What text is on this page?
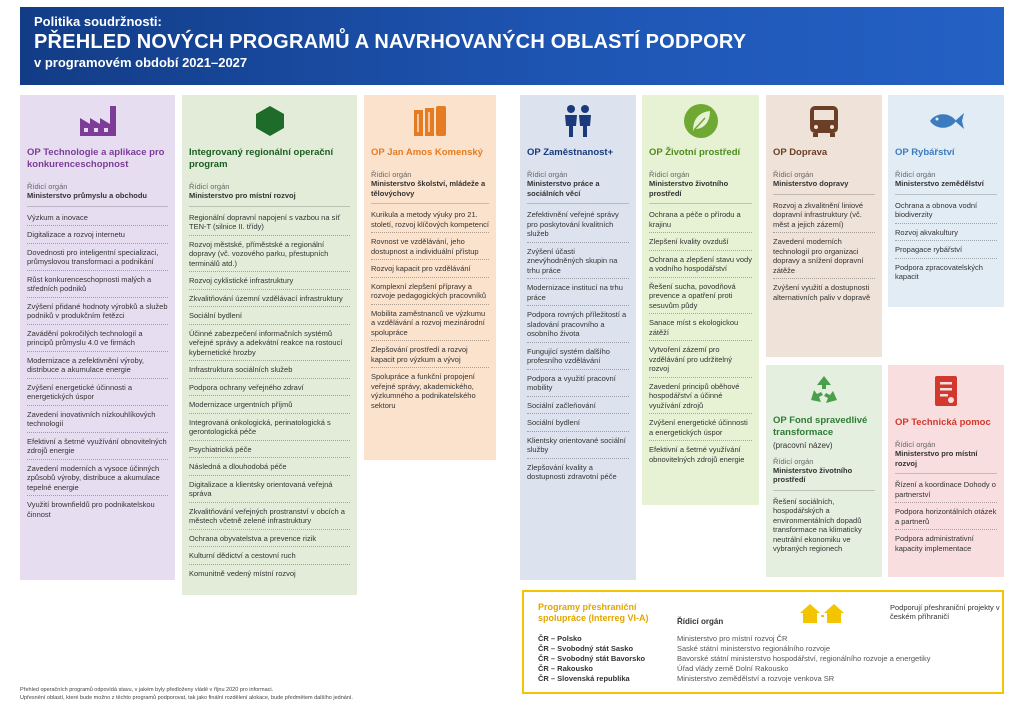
Politika soudržnosti:
PŘEHLED NOVÝCH PROGRAMŮ A NAVRHOVANÝCH OBLASTÍ PODPORY
v programovém období 2021–2027
OP Technologie a aplikace pro konkurenceschopnost
Řídicí orgán
Ministerstvo průmyslu a obchodu
Výzkum a inovace
Digitalizace a rozvoj internetu
Dovednosti pro inteligentní specializaci, průmyslovou transformaci a podnikání
Růst konkurenceschopnosti malých a středních podniků
Zvýšení přidané hodnoty výrobků a služeb podniků v produkčním řetězci
Zavádění pokročilých technologií a principů průmyslu 4.0 ve firmách
Modernizace a zefektivnění výroby, distribuce a akumulace energie
Zvýšení energetické účinnosti a energetických úspor
Zavedení inovativních nízkouhlíkových technologií
Efektivní a šetrné využívání obnovitelných zdrojů energie
Zavedení moderních a vysoce účinných způsobů výroby, distribuce a akumulace tepelné energie
Využití brownfieldů pro podnikatelskou činnost
Integrovaný regionální operační program
Řídicí orgán
Ministerstvo pro místní rozvoj
Regionální dopravní napojení s vazbou na síť TEN-T (silnice II. třídy)
Rozvoj městské, příměstské a regionální dopravy (vč. vozového parku, přestupních terminálů atd.)
Rozvoj cyklistické infrastruktury
Zkvalitňování územní vzdělávací infrastruktury
Sociální bydlení
Účinné zabezpečení informačních systémů veřejné správy a adekvátní reakce na rostoucí kybernetické hrozby
Infrastruktura sociálních služeb
Podpora ochrany veřejného zdraví
Modernizace urgentních příjmů
Integrovaná onkologická, perinatologická s gerontologická péče
Psychiatrická péče
Následná a dlouhodobá péče
Digitalizace a klientsky orientovaná veřejná správa
Zkvalitňování veřejných prostranství v obcích a městech včetně zelené infrastruktury
Ochrana obyvatelstva a prevence rizik
Kulturní dědictví a cestovní ruch
Komunitně vedený místní rozvoj
OP Jan Amos Komenský
Řídicí orgán
Ministerstvo školství, mládeže a tělovýchovy
Kurikula a metody výuky pro 21. století, rozvoj klíčových kompetencí
Rovnost ve vzdělávání, jeho dostupnost a individuální přístup
Rozvoj kapacit pro vzdělávání
Komplexní zlepšení přípravy a rozvoje pedagogických pracovníků
Mobilita zaměstnanců ve výzkumu a vzdělávání a rozvoj mezinárodní spolupráce
Zlepšování prostředí a rozvoj kapacit pro výzkum a vývoj
Spolupráce a funkční propojení veřejné správy, akademického, výzkumného a podnikatelského sektoru
OP Zaměstnanost+
Řídicí orgán
Ministerstvo práce a sociálních věcí
Zefektivnění veřejné správy pro poskytování kvalitních služeb
Zvýšení účasti znevýhodněných skupin na trhu práce
Modernizace institucí na trhu práce
Podpora rovných příležitostí a sladování pracovního a osobního života
Fungující systém dalšího profesního vzdělávání
Podpora a využití pracovní mobility
Sociální začleňování
Sociální bydlení
Klientsky orientované sociální služby
Zlepšování kvality a dostupnosti zdravotní péče
OP Životní prostředí
Řídicí orgán
Ministerstvo životního prostředí
Ochrana a péče o přírodu a krajinu
Zlepšení kvality ovzduší
Ochrana a zlepšení stavu vody a vodního hospodářství
Řešení sucha, povodňová prevence a opatření proti sesuvům půdy
Sanace míst s ekologickou zátěží
Vytvoření zázemí pro vzdělávání pro udržitelný rozvoj
Zavedení principů oběhové hospodářství a účinné využívání zdrojů
Zvýšení energetické účinnosti a energetických úspor
Efektivní a šetrné využívání obnovitelných zdrojů energie
OP Doprava
Řídicí orgán
Ministerstvo dopravy
Rozvoj a zkvalitnění liniové dopravní infrastruktury (vč. měst a jejich zázemí)
Zavedení moderních technologií pro organizaci dopravy a snížení dopravní zátěže
Zvýšení využití a dostupnosti alternativních paliv v dopravě
OP Rybářství
Řídicí orgán
Ministerstvo zemědělství
Ochrana a obnova vodní biodiverzity
Rozvoj akvakultury
Propagace rybářství
Podpora zpracovatelských kapacit
OP Fond spravedlivé transformace
(pracovní název)
Řídicí orgán
Ministerstvo životního prostředí
Řešení sociálních, hospodářských a environmentálních dopadů transformace na klimaticky neutrální ekonomiku ve vybraných regionech
OP Technická pomoc
Řídicí orgán
Ministerstvo pro místní rozvoj
Řízení a koordinace Dohody o partnerství
Podpora horizontálních otázek a partnerů
Podpora administrativní kapacity implementace
Programy přeshraniční spolupráce (Interreg VI-A)	Řídicí orgán
Podporují přeshraniční projekty v českém příhraničí
ČR – Polsko	Ministerstvo pro místní rozvoj ČR
ČR – Svobodný stát Sasko	Saské státní ministerstvo regionálního rozvoje
ČR – Svobodný stát Bavorsko	Bavorské státní ministerstvo hospodářství, regionálního rozvoje a energetiky
ČR – Rakousko	Úřad vlády země Dolní Rakousko
ČR – Slovenská republika	Ministerstvo zemědělství a rozvoje venkova SR
Přehled operačních programů odpovídá stavu, v jakém byly předloženy vládě v říjnu 2020 pro informaci.
Upřesnění oblastí, které bude možno z těchto programů podporovat, tak jako finální rozdělení alokace, bude předmětem dalšího jednání.
